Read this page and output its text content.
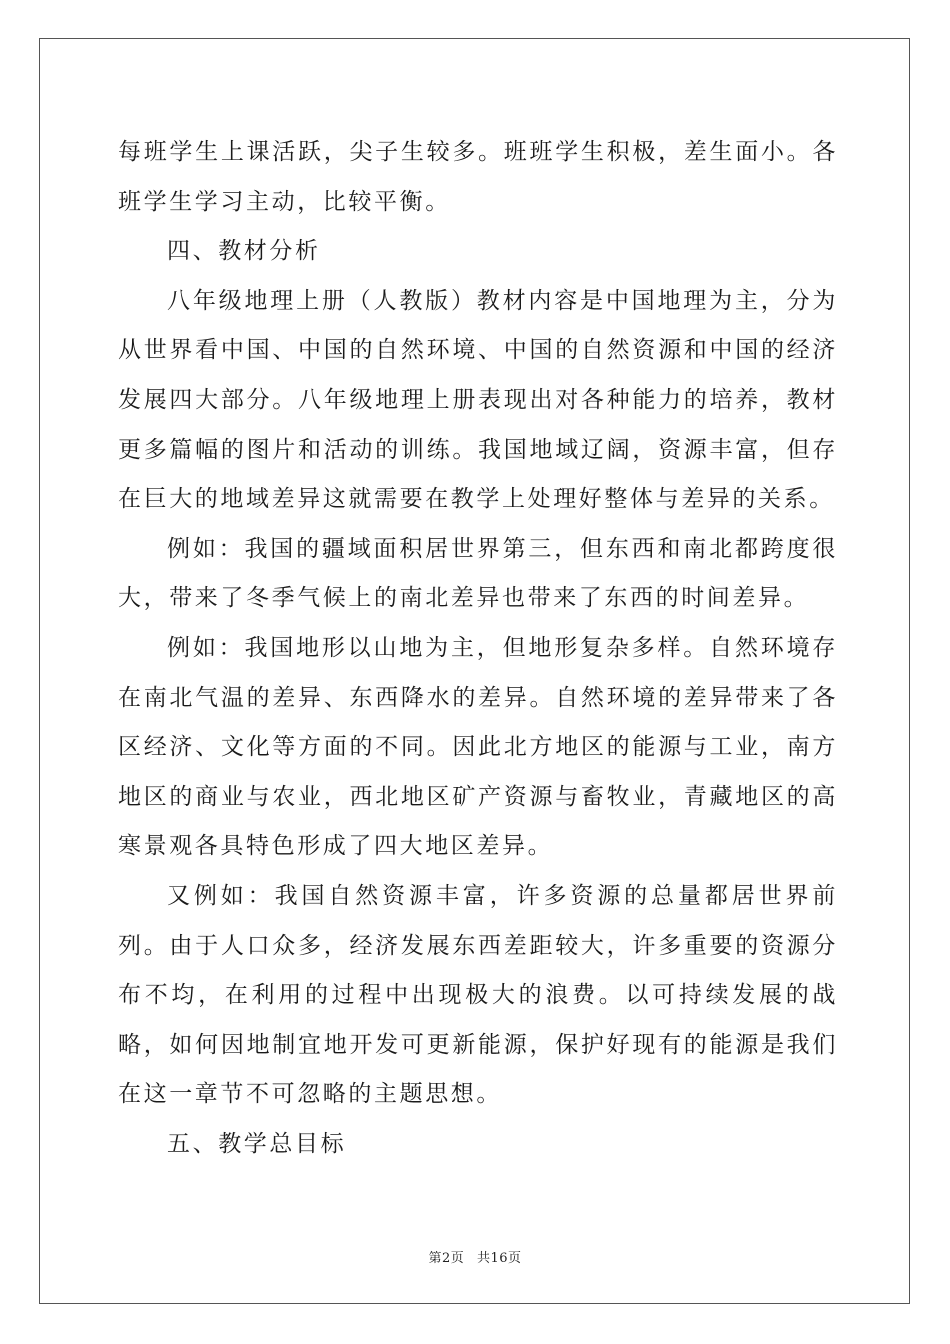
每班学生上课活跃，尖子生较多。班班学生积极，差生面小。各班学生学习主动，比较平衡。

四、教材分析

八年级地理上册（人教版）教材内容是中国地理为主，分为从世界看中国、中国的自然环境、中国的自然资源和中国的经济发展四大部分。八年级地理上册表现出对各种能力的培养，教材更多篇幅的图片和活动的训练。我国地域辽阔，资源丰富，但存在巨大的地域差异这就需要在教学上处理好整体与差异的关系。

例如：我国的疆域面积居世界第三，但东西和南北都跨度很大，带来了冬季气候上的南北差异也带来了东西的时间差异。

例如：我国地形以山地为主，但地形复杂多样。自然环境存在南北气温的差异、东西降水的差异。自然环境的差异带来了各区经济、文化等方面的不同。因此北方地区的能源与工业，南方地区的商业与农业，西北地区矿产资源与畜牧业，青藏地区的高寒景观各具特色形成了四大地区差异。

又例如：我国自然资源丰富，许多资源的总量都居世界前列。由于人口众多，经济发展东西差距较大，许多重要的资源分布不均，在利用的过程中出现极大的浪费。以可持续发展的战略，如何因地制宜地开发可更新能源，保护好现有的能源是我们在这一章节不可忽略的主题思想。

五、教学总目标

第2页 共16页
